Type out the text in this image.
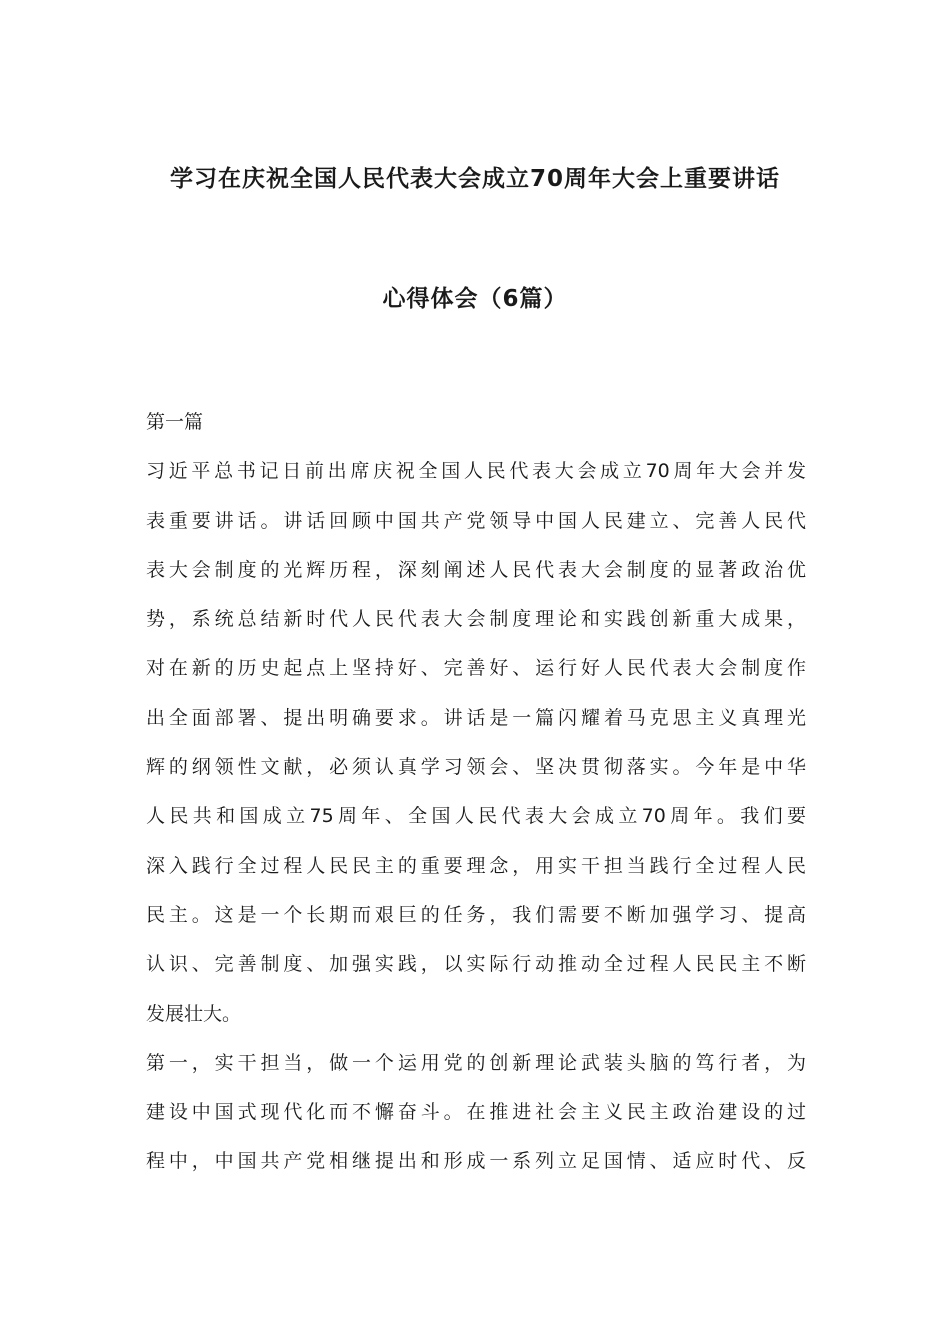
学习在庆祝全国人民代表大会成立70周年大会上重要讲话
心得体会（6篇）
第一篇
习近平总书记日前出席庆祝全国人民代表大会成立70周年大会并发
表重要讲话。讲话回顾中国共产党领导中国人民建立、完善人民代
表大会制度的光辉历程，深刻阐述人民代表大会制度的显著政治优
势，系统总结新时代人民代表大会制度理论和实践创新重大成果，
对在新的历史起点上坚持好、完善好、运行好人民代表大会制度作
出全面部署、提出明确要求。讲话是一篇闪耀着马克思主义真理光
辉的纲领性文献，必须认真学习领会、坚决贯彻落实。今年是中华
人民共和国成立75周年、全国人民代表大会成立70周年。我们要
深入践行全过程人民民主的重要理念，用实干担当践行全过程人民
民主。这是一个长期而艰巨的任务，我们需要不断加强学习、提高
认识、完善制度、加强实践，以实际行动推动全过程人民民主不断
发展壮大。
第一，实干担当，做一个运用党的创新理论武装头脑的笃行者，为
建设中国式现代化而不懈奋斗。在推进社会主义民主政治建设的过
程中，中国共产党相继提出和形成一系列立足国情、适应时代、反
